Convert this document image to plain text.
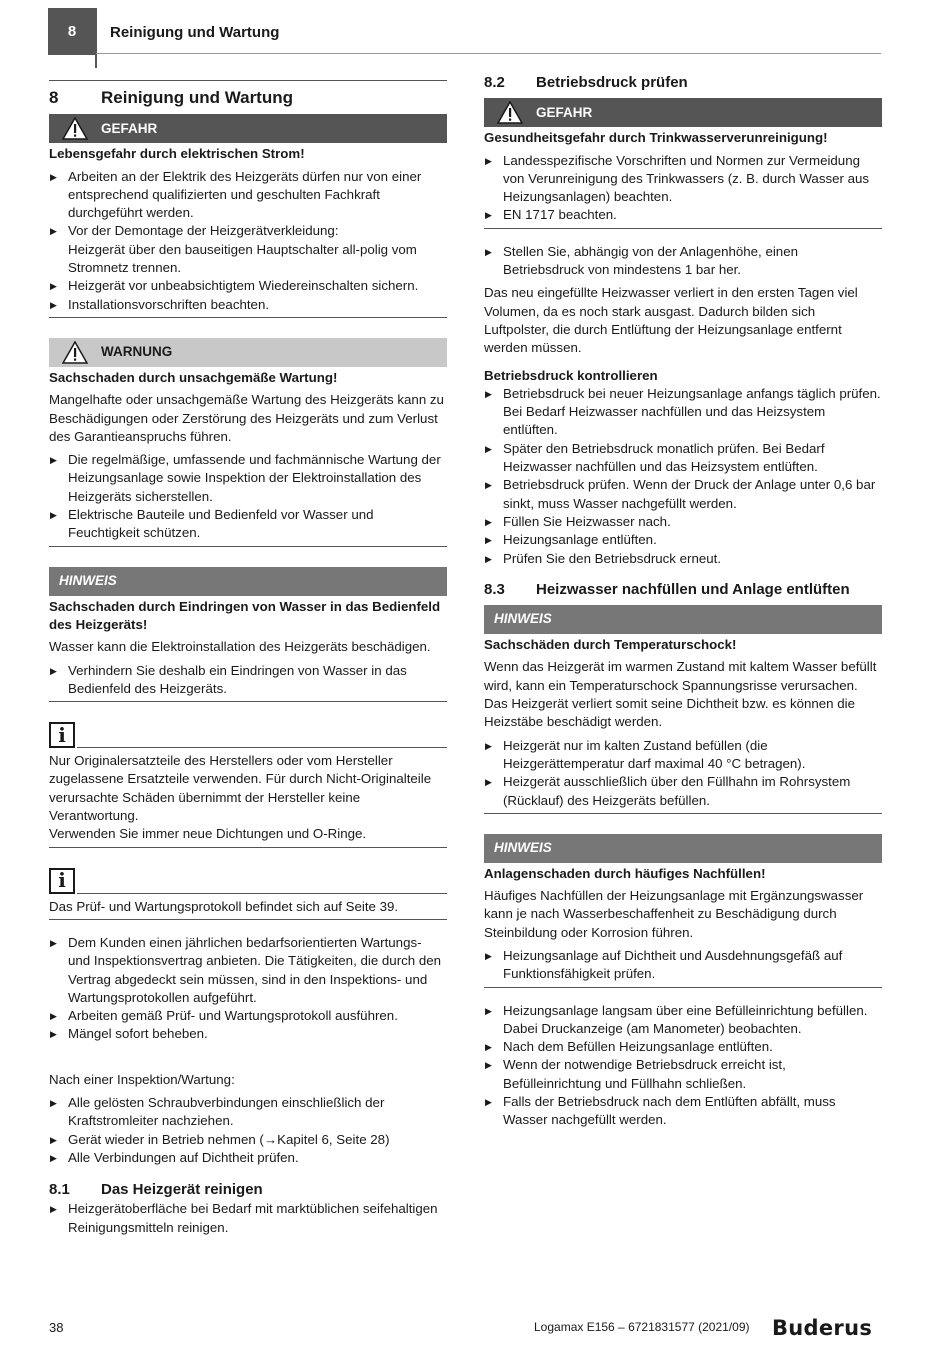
8 Reinigung und Wartung
8	Reinigung und Wartung
GEFAHR
Lebensgefahr durch elektrischen Strom!
▶ Arbeiten an der Elektrik des Heizgeräts dürfen nur von einer entsprechend qualifizierten und geschulten Fachkraft durchgeführt werden.
▶ Vor der Demontage der Heizgerätverkleidung:
Heizgerät über den bauseitigen Hauptschalter all-polig vom Stromnetz trennen.
▶ Heizgerät vor unbeabsichtigtem Wiedereinschalten sichern.
▶ Installationsvorschriften beachten.
WARNUNG
Sachschaden durch unsachgemäße Wartung!

Mangelhafte oder unsachgemäße Wartung des Heizgeräts kann zu Beschädigungen oder Zerstörung des Heizgeräts und zum Verlust des Garantieanspruchs führen.

▶ Die regelmäßige, umfassende und fachmännische Wartung der Heizungsanlage sowie Inspektion der Elektroinstallation des Heizgeräts sicherstellen.
▶ Elektrische Bauteile und Bedienfeld vor Wasser und Feuchtigkeit schützen.
HINWEIS
Sachschaden durch Eindringen von Wasser in das Bedienfeld des Heizgeräts!

Wasser kann die Elektroinstallation des Heizgeräts beschädigen.

▶ Verhindern Sie deshalb ein Eindringen von Wasser in das Bedienfeld des Heizgeräts.
i

Nur Originalersatzteile des Herstellers oder vom Hersteller zugelassene Ersatzteile verwenden. Für durch Nicht-Originalteile verursachte Schäden übernimmt der Hersteller keine Verantwortung.

Verwenden Sie immer neue Dichtungen und O-Ringe.

i

Das Prüf- und Wartungsprotokoll befindet sich auf Seite 39.

▶ Dem Kunden einen jährlichen bedarfsorientierten Wartungs- und Inspektionsvertrag anbieten. Die Tätigkeiten, die durch den Vertrag abgedeckt sein müssen, sind in den Inspektions- und Wartungsprotokollen aufgeführt.
▶ Arbeiten gemäß Prüf- und Wartungsprotokoll ausführen.
▶ Mängel sofort beheben.

Nach einer Inspektion/Wartung:

▶ Alle gelösten Schraubverbindungen einschließlich der Kraftstromleiter nachziehen.
▶ Gerät wieder in Betrieb nehmen (→Kapitel 6, Seite 28)
▶ Alle Verbindungen auf Dichtheit prüfen.
8.1	Das Heizgerät reinigen
▶ Heizgerätoberfläche bei Bedarf mit marktüblichen seifehaltigen Reinigungsmitteln reinigen.
8.2	Betriebsdruck prüfen
GEFAHR
Gesundheitsgefahr durch Trinkwasserverunreinigung!
▶ Landesspezifische Vorschriften und Normen zur Vermeidung von Verunreinigung des Trinkwassers (z. B. durch Wasser aus Heizungsanlagen) beachten.
▶ EN 1717 beachten.
▶ Stellen Sie, abhängig von der Anlagenhöhe, einen Betriebsdruck von mindestens 1 bar her.

Das neu eingefüllte Heizwasser verliert in den ersten Tagen viel Volumen, da es noch stark ausgast. Dadurch bilden sich Luftpolster, die durch Entlüftung der Heizungsanlage entfernt werden müssen.

Betriebsdruck kontrollieren
▶ Betriebsdruck bei neuer Heizungsanlage anfangs täglich prüfen. Bei Bedarf Heizwasser nachfüllen und das Heizsystem entlüften.
▶ Später den Betriebsdruck monatlich prüfen. Bei Bedarf Heizwasser nachfüllen und das Heizsystem entlüften.
▶ Betriebsdruck prüfen. Wenn der Druck der Anlage unter 0,6 bar sinkt, muss Wasser nachgefüllt werden.
▶ Füllen Sie Heizwasser nach.
▶ Heizungsanlage entlüften.
▶ Prüfen Sie den Betriebsdruck erneut.
8.3	Heizwasser nachfüllen und Anlage entlüften
HINWEIS
Sachschäden durch Temperaturschock!

Wenn das Heizgerät im warmen Zustand mit kaltem Wasser befüllt wird, kann ein Temperaturschock Spannungsrisse verursachen. Das Heizgerät verliert somit seine Dichtheit bzw. es können die Heizstäbe beschädigt werden.

▶ Heizgerät nur im kalten Zustand befüllen (die Heizgerättemperatur darf maximal 40 °C betragen).
▶ Heizgerät ausschließlich über den Füllhahn im Rohrsystem (Rücklauf) des Heizgeräts befüllen.
HINWEIS
Anlagenschaden durch häufiges Nachfüllen!

Häufiges Nachfüllen der Heizungsanlage mit Ergänzungswasser kann je nach Wasserbeschaffenheit zu Beschädigung durch Steinbildung oder Korrosion führen.

▶ Heizungsanlage auf Dichtheit und Ausdehnungsgefäß auf Funktionsfähigkeit prüfen.
▶ Heizungsanlage langsam über eine Befülleinrichtung befüllen. Dabei Druckanzeige (am Manometer) beobachten.
▶ Nach dem Befüllen Heizungsanlage entlüften.
▶ Wenn der notwendige Betriebsdruck erreicht ist, Befülleinrichtung und Füllhahn schließen.
▶ Falls der Betriebsdruck nach dem Entlüften abfällt, muss Wasser nachgefüllt werden.
38	Logamax E156 – 6721831577 (2021/09) Buderus
